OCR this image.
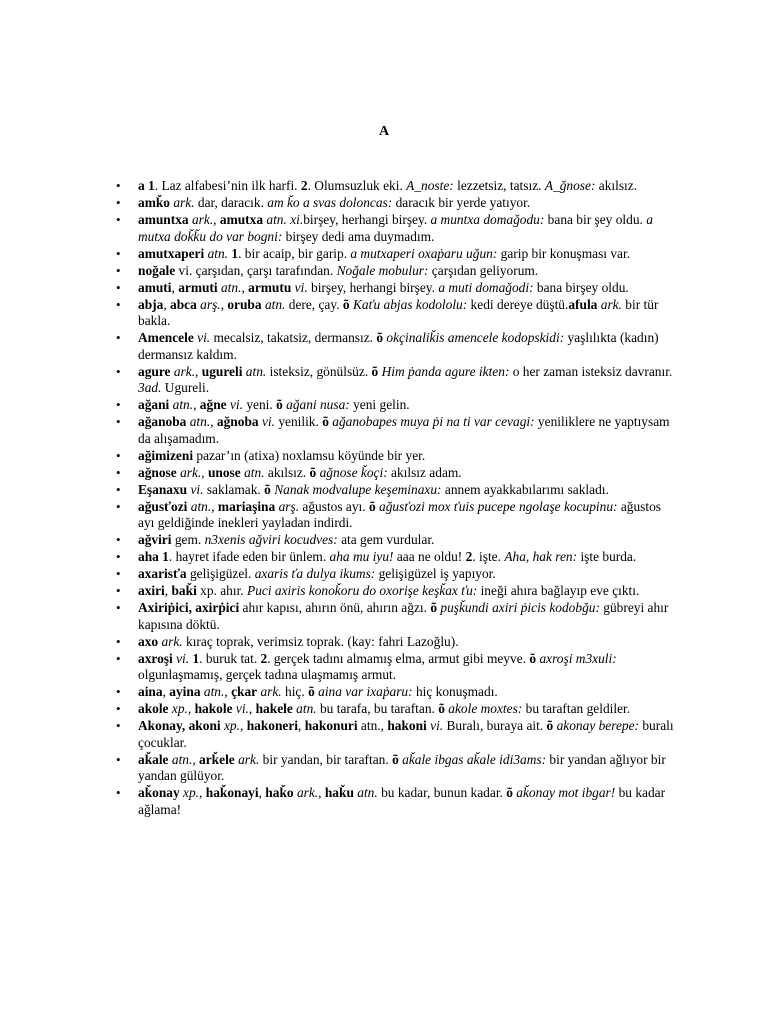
A
• a 1. Laz alfabesi’nin ilk harfi. 2. Olumsuzluk eki. A_noste: lezzetsiz, tatsız. A_ğnose: akılsız.
• amǩo ark. dar, daracık. am ǩo a svas doloncas: daracık bir yerde yatıyor.
• amuntxa ark., amutxa atn. xi.birşey, herhangi birşey. a muntxa domağodu: bana bir şey oldu. a mutxa doǩǩu do var bogni: birşey dedi ama duymadım.
• amutxaperi atn. 1. bir acaip, bir garip. a mutxaperi oxaṗaru uğun: garip bir konuşması var.
• noğale vi. çarşıdan, çarşı tarafından. Noğale mobulur: çarşıdan geliyorum.
• amuti, armuti atn., armutu vi. birşey, herhangi birşey. a muti domağodi: bana birşey oldu.
• abja, abca arş., oruba atn. dere, çay. õ Kaťu abjas kodololu: kedi dereye düştü.afula ark. bir tür bakla.
• Amencele vi. mecalsiz, takatsiz, dermansız. õ okçinaliǩis amencele kodopskidi: yaşlılıkta (kadın) dermansız kaldım.
• agure ark., ugureli atn. isteksiz, gönülsüz. õ Him ṗanda agure ikten: o her zaman isteksiz davranır. 3ad. Ugureli.
• ağani atn., ağne vi. yeni. õ ağani nusa: yeni gelin.
• ağanoba atn., ağnoba vi. yenilik. õ ağanobapes muya ṗi na ti var cevagi: yeniliklere ne yaptıysam da alışamadım.
• ağimizeni pazar’ın (atixa) noxlamsu köyünde bir yer.
• ağnose ark., unose atn. akılsız. õ ağnose ǩoçi: akılsız adam.
• Eşanaxu vi. saklamak. õ Nanak modvalupe keşeminaxu: annem ayakkabılarımı sakladı.
• ağusťozi atn., mariaşina arş. ağustos ayı. õ ağusťozi mox ťuis pucepe ngolaşe kocupinu: ağustos ayı geldiğinde inekleri yayladan indirdi.
• ağviri gem. n3xenis ağviri kocudves: ata gem vurdular.
• aha 1. hayret ifade eden bir ünlem. aha mu iyu! aaa ne oldu! 2. işte. Aha, hak ren: işte burda.
• axarisťa gelişigüzel. axaris ťa dulya ikums: gelişigüzel iş yapıyor.
• axiri, baǩi xp. ahır. Puci axiris konoǩoru do oxorişe keşǩax ťu: ineği ahıra bağlayıp eve çıktı.
• Axiriṗici, axirṗici ahır kapısı, ahırın önü, ahırın ağzı. õ puşǩundi axiri ṗicis kodobğu: gübreyi ahır kapısına döktü.
• axo ark. kıraç toprak, verimsiz toprak. (kay: fahri Lazoğlu).
• axroşi vi. 1. buruk tat. 2. gerçek tadını almamış elma, armut gibi meyve. õ axroşi m3xuli: olgunlaşmamış, gerçek tadına ulaşmamış armut.
• aina, ayina atn., çkar ark. hiç. õ aina var ixaṗaru: hiç konuşmadı.
• akole xp., hakole vi., hakele atn. bu tarafa, bu taraftan. õ akole moxtes: bu taraftan geldiler.
• Akonay, akoni xp., hakoneri, hakonuri atn., hakoni vi. Buralı, buraya ait. õ akonay berepe: buralı çocuklar.
• aǩale atn., arǩele ark. bir yandan, bir taraftan. õ aǩale ibgas aǩale idi3ams: bir yandan ağlıyor bir yandan gülüyor.
• aǩonay xp., haǩonayi, haǩo ark., haǩu atn. bu kadar, bunun kadar. õ aǩonay mot ibgar! bu kadar ağlama!
